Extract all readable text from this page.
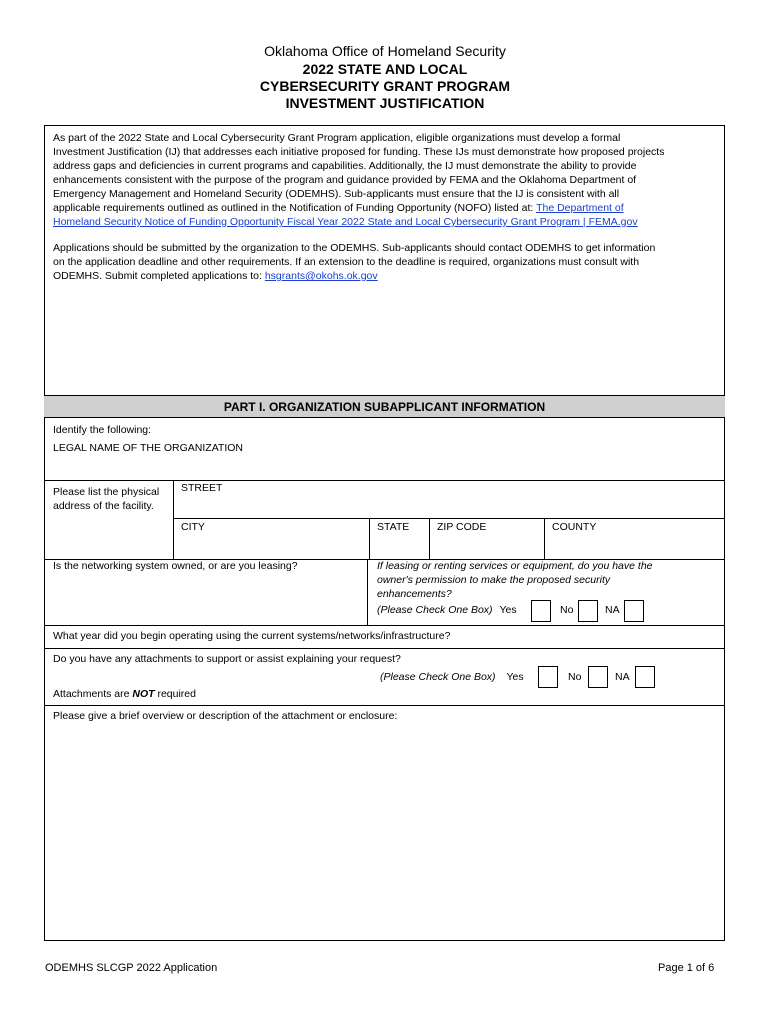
Oklahoma Office of Homeland Security
2022 STATE AND LOCAL
CYBERSECURITY GRANT PROGRAM
INVESTMENT JUSTIFICATION
As part of the 2022 State and Local Cybersecurity Grant Program application, eligible organizations must develop a formal
Investment Justification (IJ) that addresses each initiative proposed for funding. These IJs must demonstrate how proposed projects
address gaps and deficiencies in current programs and capabilities. Additionally, the IJ must demonstrate the ability to provide
enhancements consistent with the purpose of the program and guidance provided by FEMA and the Oklahoma Department of
Emergency Management and Homeland Security (ODEMHS). Sub-applicants must ensure that the IJ is consistent with all
applicable requirements outlined as outlined in the Notification of Funding Opportunity (NOFO) listed at: The Department of
Homeland Security Notice of Funding Opportunity Fiscal Year 2022 State and Local Cybersecurity Grant Program | FEMA.gov
Applications should be submitted by the organization to the ODEMHS. Sub-applicants should contact ODEMHS to get information
on the application deadline and other requirements. If an extension to the deadline is required, organizations must consult with
ODEMHS. Submit completed applications to: hsgrants@okohs.ok.gov
PART I. ORGANIZATION SUBAPPLICANT INFORMATION
Identify the following:
LEGAL NAME OF THE ORGANIZATION
Please list the physical
address of the facility.
STREET
CITY	STATE	ZIP CODE	COUNTY
Is the networking system owned, or are you leasing?	If leasing or renting services or equipment, do you have the
owner's permission to make the proposed security
enhancements?
(Please Check One Box) Yes	No	NA
What year did you begin operating using the current systems/networks/infrastructure?
Do you have any attachments to support or assist explaining your request?
(Please Check One Box) Yes	No	NA
Attachments are NOT required
Please give a brief overview or description of the attachment or enclosure:
ODEMHS SLCGP 2022 Application	Page 1 of 6
